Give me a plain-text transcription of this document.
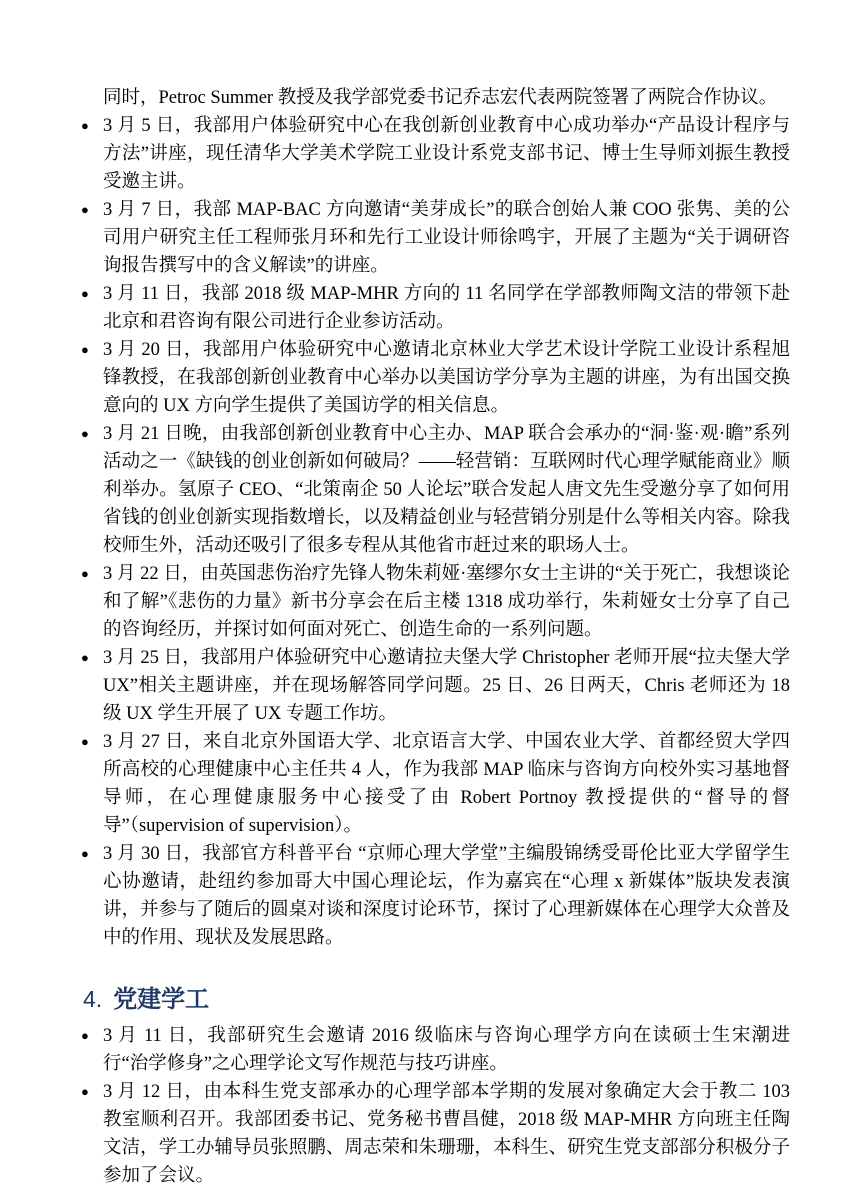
同时，Petroc Summer 教授及我学部党委书记乔志宏代表两院签署了两院合作协议。

● 3 月 5 日，我部用户体验研究中心在我创新创业教育中心成功举办“产品设计程序与方法”讲座，现任清华大学美术学院工业设计系党支部书记、博士生导师刘振生教授受邀主讲。
● 3 月 7 日，我部 MAP-BAC 方向邀请“美芽成长”的联合创始人兼 COO 张隽、美的公司用户研究主任工程师张月环和先行工业设计师徐鸣宇，开展了主题为“关于调研咨询报告撰写中的含义解读”的讲座。
● 3 月 11 日，我部 2018 级 MAP-MHR 方向的 11 名同学在学部教师陶文洁的带领下赴北京和君咨询有限公司进行企业参访活动。
● 3 月 20 日，我部用户体验研究中心邀请北京林业大学艺术设计学院工业设计系程旭锋教授，在我部创新创业教育中心举办以美国访学分享为主题的讲座，为有出国交换意向的 UX 方向学生提供了美国访学的相关信息。
● 3 月 21 日晚，由我部创新创业教育中心主办、MAP 联合会承办的“洞·鉴·观·瞻”系列活动之一《缺钱的创业创新如何破局？——轻营销：互联网时代心理学赋能商业》顺利举办。氢原子 CEO、“北策南企 50 人论坛”联合发起人唐文先生受邀分享了如何用省钱的创业创新实现指数增长，以及精益创业与轻营销分别是什么等相关内容。除我校师生外，活动还吸引了很多专程从其他省市赶过来的职场人士。
● 3 月 22 日，由英国悲伤治疗先锋人物朱莉娅·塞缪尔女士主讲的“关于死亡，我想谈论和了解”《悲伤的力量》新书分享会在后主楼 1318 成功举行，朱莉娅女士分享了自己的咨询经历，并探讨如何面对死亡、创造生命的一系列问题。
● 3 月 25 日，我部用户体验研究中心邀请拉夫堡大学 Christopher 老师开展“拉夫堡大学 UX”相关主题讲座，并在现场解答同学问题。25 日、26 日两天，Chris 老师还为 18 级 UX 学生开展了 UX 专题工作坊。
● 3 月 27 日，来自北京外国语大学、北京语言大学、中国农业大学、首都经贸大学四所高校的心理健康中心主任共 4 人，作为我部 MAP 临床与咨询方向校外实习基地督导师，在心理健康服务中心接受了由 Robert Portnoy 教授提供的“督导的督导”（supervision of supervision）。
● 3 月 30 日，我部官方科普平台 “京师心理大学堂”主编殷锦绣受哥伦比亚大学留学生心协邀请，赴纽约参加哥大中国心理论坛，作为嘉宾在“心理 x 新媒体”版块发表演讲，并参与了随后的圆桌对谈和深度讨论环节，探讨了心理新媒体在心理学大众普及中的作用、现状及发展思路。
4. 党建学工
● 3 月 11 日，我部研究生会邀请 2016 级临床与咨询心理学方向在读硕士生宋潮进行“治学修身”之心理学论文写作规范与技巧讲座。
● 3 月 12 日，由本科生党支部承办的心理学部本学期的发展对象确定大会于教二 103 教室顺利召开。我部团委书记、党务秘书曹昌健，2018 级 MAP-MHR 方向班主任陶文洁，学工办辅导员张照鹏、周志荣和朱珊珊，本科生、研究生党支部部分积极分子参加了会议。
